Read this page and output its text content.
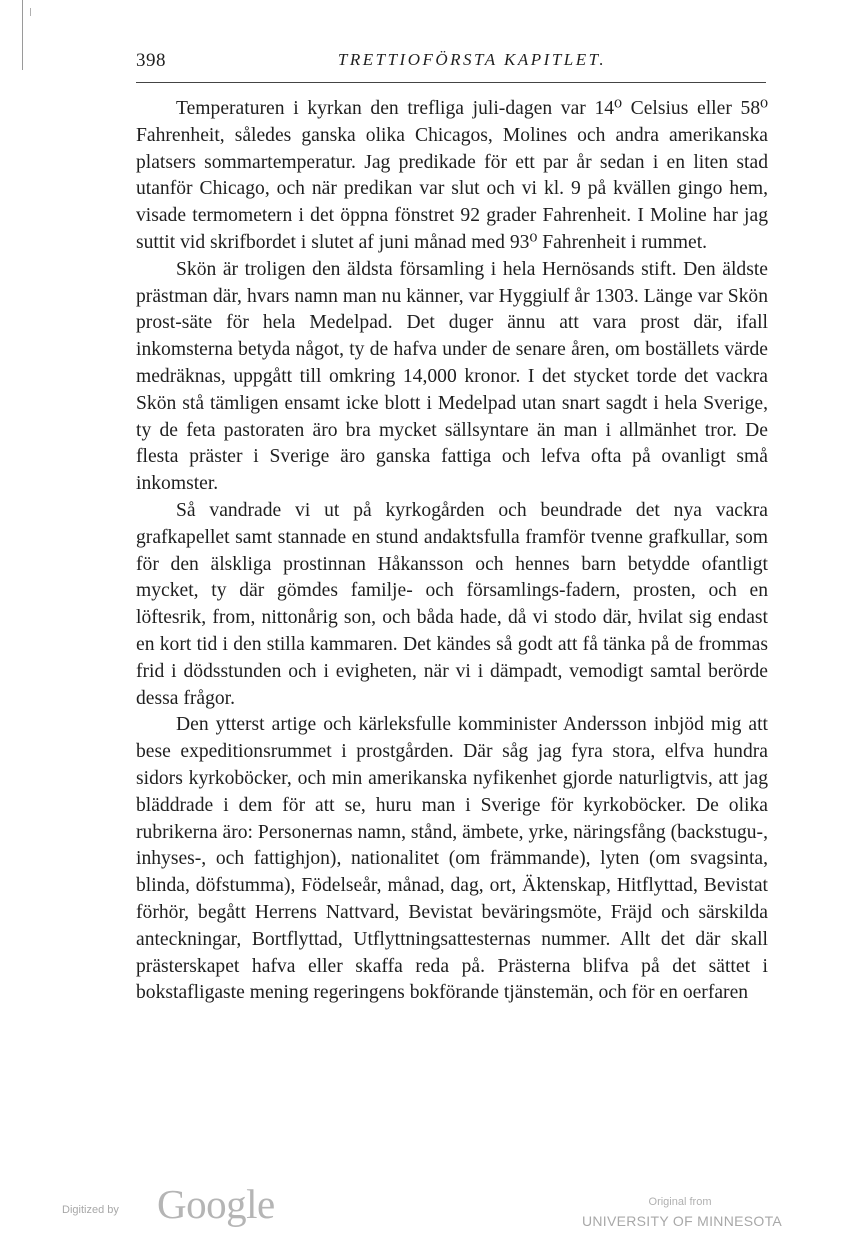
398	TRETTIOFÖRSTA KAPITLET.

Temperaturen i kyrkan den trefliga juli-dagen var 14⁰ Celsius eller 58⁰ Fahrenheit, således ganska olika Chicagos, Molines och andra amerikanska platsers sommartemperatur. Jag predikade för ett par år sedan i en liten stad utanför Chicago, och när predikan var slut och vi kl. 9 på kvällen gingo hem, visade termometern i det öppna fönstret 92 grader Fahrenheit. I Moline har jag suttit vid skrifbordet i slutet af juni månad med 93⁰ Fahrenheit i rummet.

Skön är troligen den äldsta församling i hela Hernösands stift. Den äldste prästman där, hvars namn man nu känner, var Hyggiulf år 1303. Länge var Skön prost-säte för hela Medelpad. Det duger ännu att vara prost där, ifall inkomsterna betyda något, ty de hafva under de senare åren, om boställets värde medräknas, uppgått till omkring 14,000 kronor. I det stycket torde det vackra Skön stå tämligen ensamt icke blott i Medelpad utan snart sagdt i hela Sverige, ty de feta pastoraten äro bra mycket sällsyntare än man i allmänhet tror. De flesta präster i Sverige äro ganska fattiga och lefva ofta på ovanligt små inkomster.

Så vandrade vi ut på kyrkogården och beundrade det nya vackra grafkapellet samt stannade en stund andaktsfulla framför tvenne grafkullar, som för den älskliga prostinnan Håkansson och hennes barn betydde ofantligt mycket, ty där gömdes familje- och församlings-fadern, prosten, och en löftesrik, from, nittonårig son, och båda hade, då vi stodo där, hvilat sig endast en kort tid i den stilla kammaren. Det kändes så godt att få tänka på de frommas frid i dödsstunden och i evigheten, när vi i dämpadt, vemodigt samtal berörde dessa frågor.

Den ytterst artige och kärleksfulle komminister Andersson inbjöd mig att bese expeditionsrummet i prostgården. Där såg jag fyra stora, elfva hundra sidors kyrkoböcker, och min amerikanska nyfikenhet gjorde naturligtvis, att jag bläddrade i dem för att se, huru man i Sverige för kyrkoböcker. De olika rubrikerna äro: Personernas namn, stånd, ämbete, yrke, näringsfång (backstugu-, inhyses-, och fattighjon), nationalitet (om främmande), lyten (om svagsinta, blinda, döfstumma), Födelseår, månad, dag, ort, Äktenskap, Hitflyttad, Bevistat förhör, begått Herrens Nattvard, Bevistat beväringsmöte, Fräjd och särskilda anteckningar, Bortflyttad, Utflyttningsattesternas nummer. Allt det där skall prästerskapet hafva eller skaffa reda på. Prästerna blifva på det sättet i bokstafligaste mening regeringens bokförande tjänstemän, och för en oerfaren

Digitized by Google	Original from
UNIVERSITY OF MINNESOTA
